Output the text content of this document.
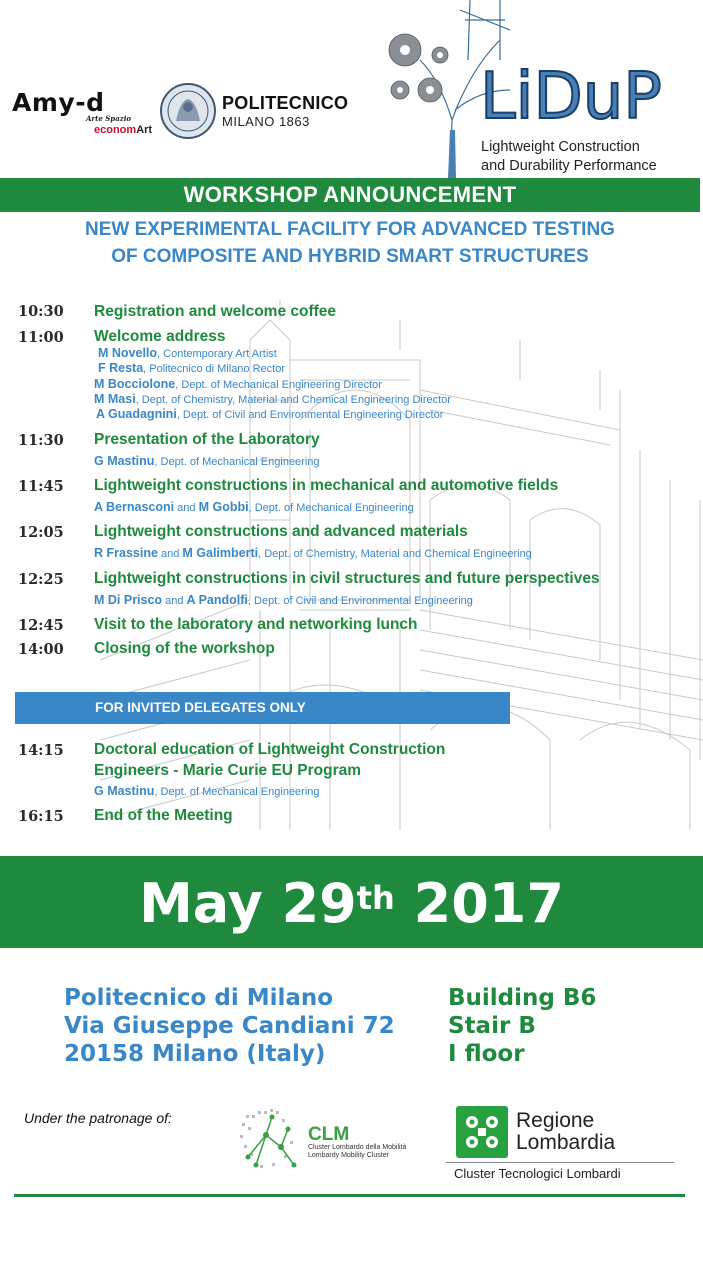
Amy-d
Arte Spazio
economArt
POLITECNICO
MILANO 1863	LiDuP
Lightweight Construction
and Durability Performance
WORKSHOP ANNOUNCEMENT
NEW EXPERIMENTAL FACILITY FOR ADVANCED TESTING
OF COMPOSITE AND HYBRID SMART STRUCTURES
10:30 Registration and welcome coffee
11:00 Welcome address
M Novello, Contemporary Art Artist
F Resta, Politecnico di Milano Rector
M Bocciolone, Dept. of Mechanical Engineering Director
M Masi, Dept. of Chemistry, Material and Chemical Engineering Director
A Guadagnini, Dept. of Civil and Environmental Engineering Director
11:30 Presentation of the Laboratory
G Mastinu, Dept. of Mechanical Engineering
11:45 Lightweight constructions in mechanical and automotive fields
A Bernasconi and M Gobbi, Dept. of Mechanical Engineering
12:05 Lightweight constructions and advanced materials
R Frassine and M Galimberti, Dept. of Chemistry, Material and Chemical Engineering
12:25 Lightweight constructions in civil structures and future perspectives
M Di Prisco and A Pandolfi, Dept. of Civil and Environmental Engineering
12:45 Visit to the laboratory and networking lunch
14:00 Closing of the workshop
FOR INVITED DELEGATES ONLY
14:15 Doctoral education of Lightweight Construction
Engineers - Marie Curie EU Program
G Mastinu, Dept. of Mechanical Engineering
16:15 End of the Meeting
May 29th 2017
Politecnico di Milano
Via Giuseppe Candiani 72
20158 Milano (Italy)
Building B6
Stair B
I floor
Under the patronage of:
CLM
Cluster Lombardo della Mobilità
Lombardy Mobility Cluster
Regione
Lombardia
Cluster Tecnologici Lombardi
